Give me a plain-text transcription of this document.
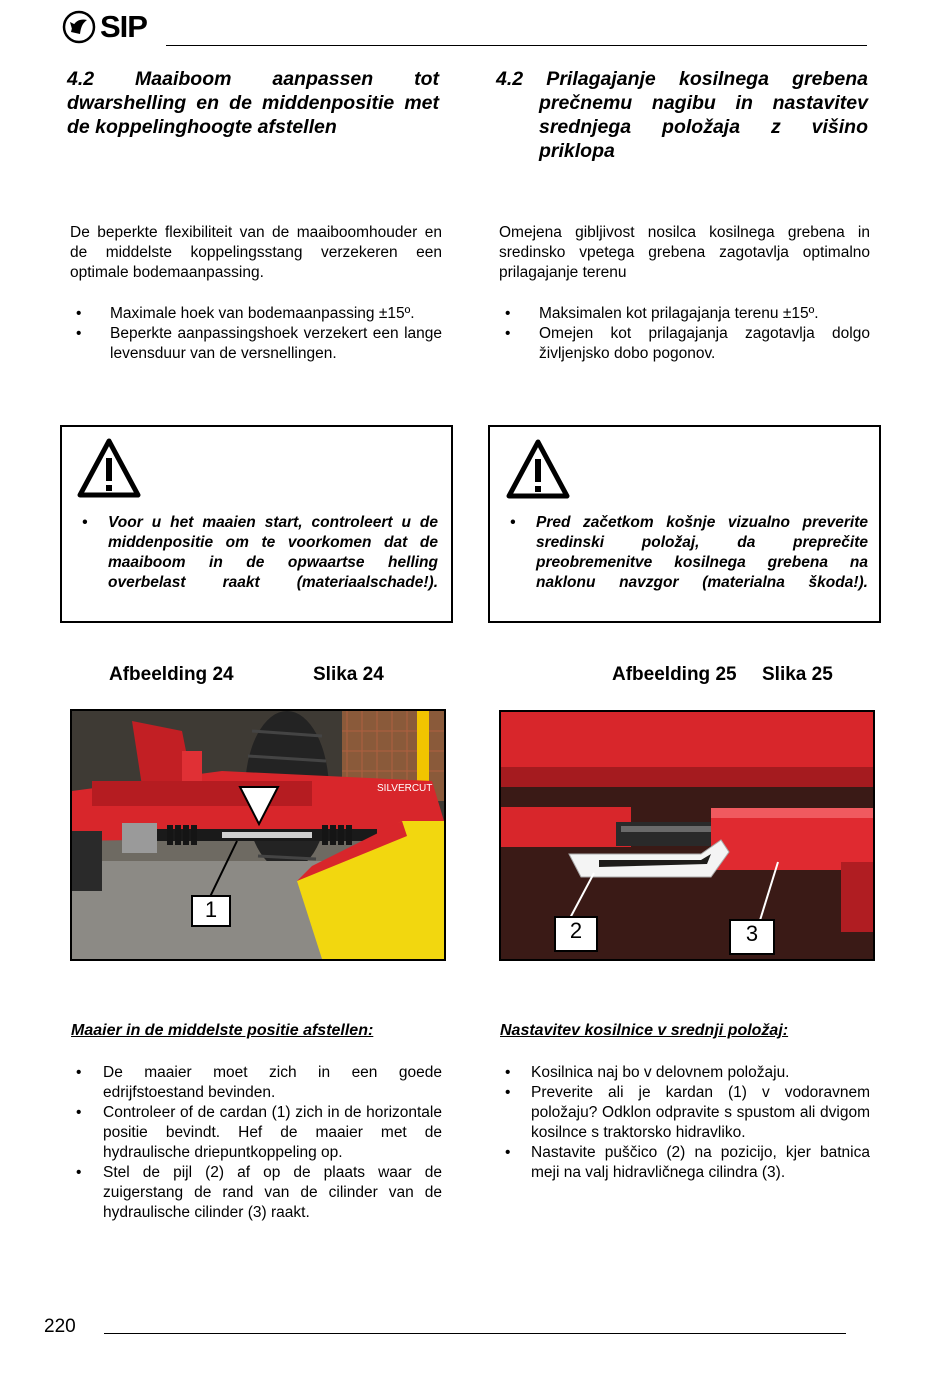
SIP
4.2 Maaiboom aanpassen tot dwarshelling en de middenpositie met de koppelinghoogte afstellen
4.2 Prilagajanje kosilnega grebena prečnemu nagibu in nastavitev srednjega položaja z višino priklopa
De beperkte flexibiliteit van de maaiboomhouder en de middelste koppelingsstang verzekeren een optimale bodemaanpassing.
Omejena gibljivost nosilca kosilnega grebena in sredinsko vpetega grebena zagotavlja optimalno prilagajanje terenu
• Maximale hoek van bodemaanpassing ±15º.
• Beperkte aanpassingshoek verzekert een lange levensduur van de versnellingen.
• Maksimalen kot prilagajanja terenu ±15º.
• Omejen kot prilagajanja zagotavlja dolgo življenjsko dobo pogonov.
• Voor u het maaien start, controleert u de middenpositie om te voorkomen dat de maaiboom in de opwaartse helling overbelast raakt (materiaalschade!).
• Pred začetkom košnje vizualno preverite sredinski položaj, da preprečite preobremenitve kosilnega grebena na naklonu navzgor (materialna škoda!).
Afbeelding 24	Slika 24	Afbeelding 25 Slika 25
SILVERCUT
1
2	3
Maaier in de middelste positie afstellen:	Nastavitev kosilnice v srednji položaj:
• De maaier moet zich in een goede edrijfstoestand bevinden.
• Controleer of de cardan (1) zich in de horizontale positie bevindt. Hef de maaier met de hydraulische driepuntkoppeling op.
• Stel de pijl (2) af op de plaats waar de zuigerstang de rand van de cilinder van de hydraulische cilinder (3) raakt.
• Kosilnica naj bo v delovnem položaju.
• Preverite ali je kardan (1) v vodoravnem položaju? Odklon odpravite s spustom ali dvigom kosilnce s traktorsko hidravliko.
• Nastavite puščico (2) na pozicijo, kjer batnica meji na valj hidravličnega cilindra (3).
220
